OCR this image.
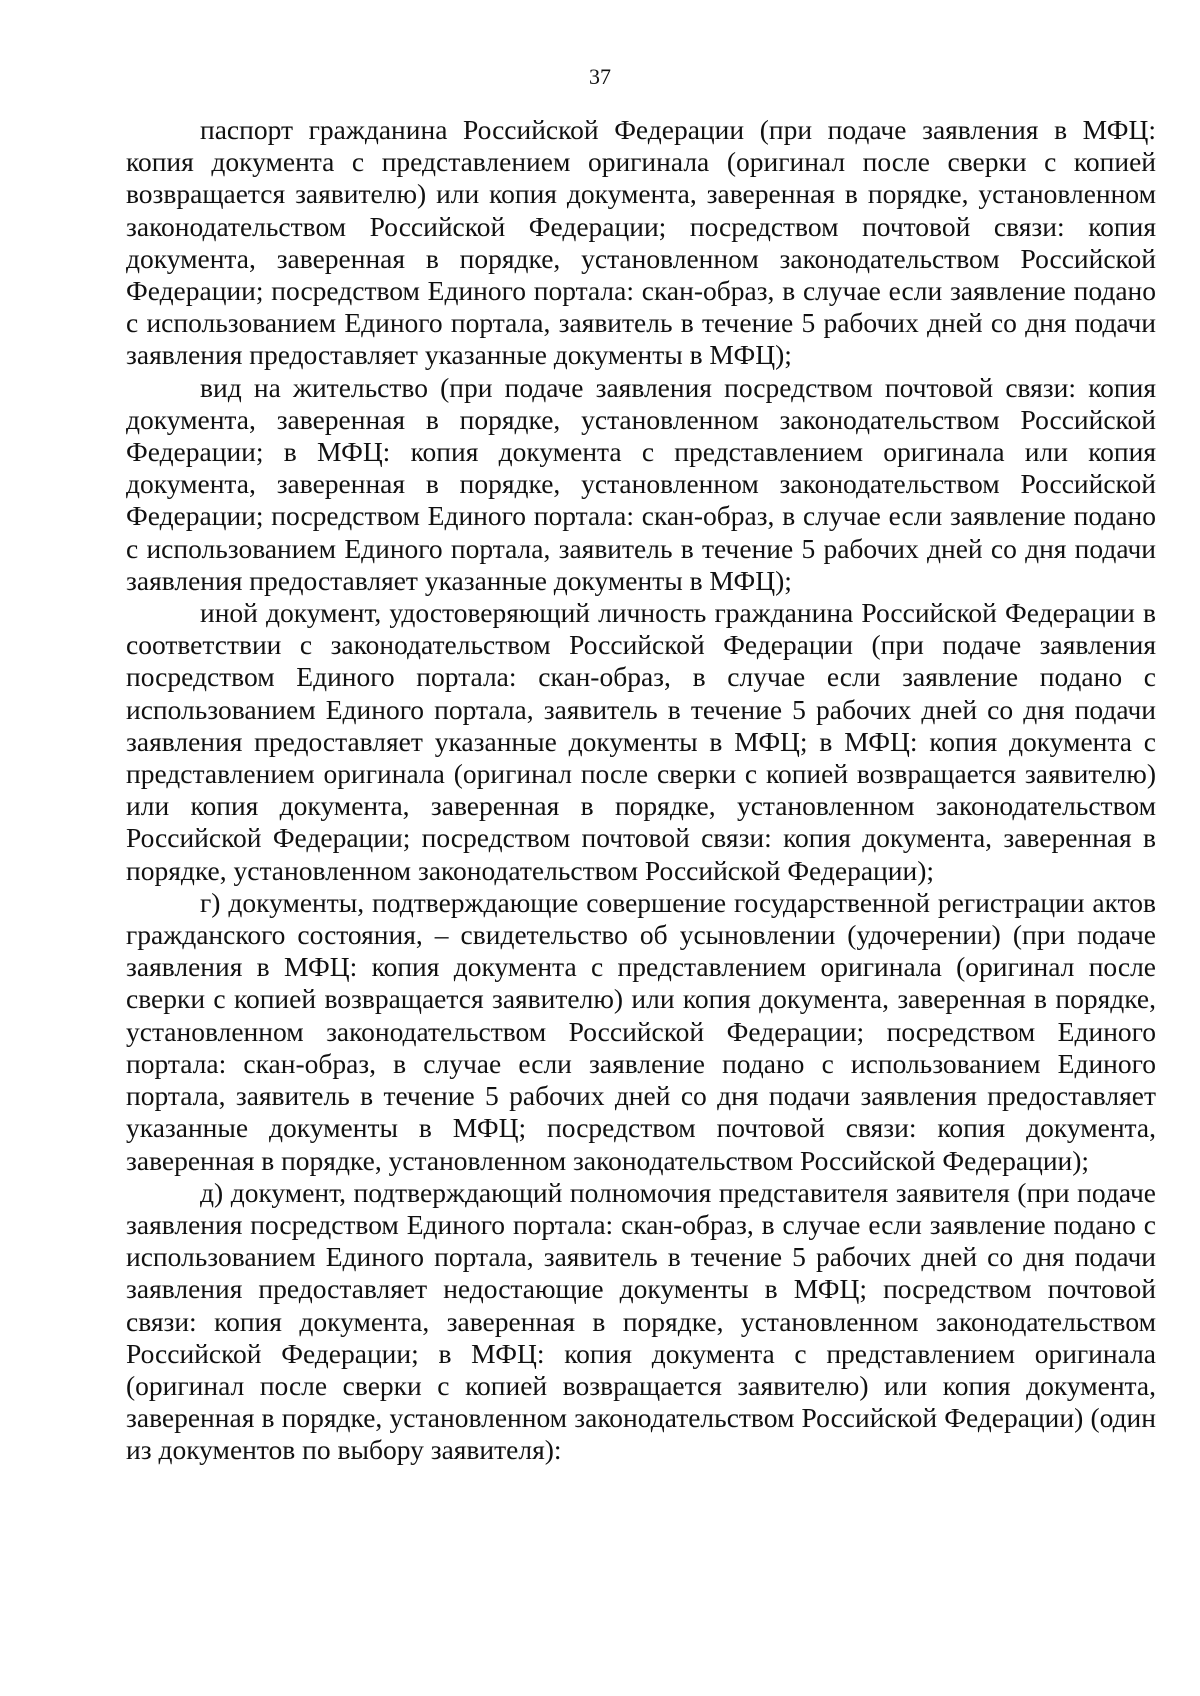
37

паспорт гражданина Российской Федерации (при подаче заявления в МФЦ: копия документа с представлением оригинала (оригинал после сверки с копией возвращается заявителю) или копия документа, заверенная в порядке, установленном законодательством Российской Федерации; посредством почтовой связи: копия документа, заверенная в порядке, установленном законодательством Российской Федерации; посредством Единого портала: скан-образ, в случае если заявление подано с использованием Единого портала, заявитель в течение 5 рабочих дней со дня подачи заявления предоставляет указанные документы в МФЦ);

вид на жительство (при подаче заявления посредством почтовой связи: копия документа, заверенная в порядке, установленном законодательством Российской Федерации; в МФЦ: копия документа с представлением оригинала или копия документа, заверенная в порядке, установленном законодательством Российской Федерации; посредством Единого портала: скан-образ, в случае если заявление подано с использованием Единого портала, заявитель в течение 5 рабочих дней со дня подачи заявления предоставляет указанные документы в МФЦ);

иной документ, удостоверяющий личность гражданина Российской Федерации в соответствии с законодательством Российской Федерации (при подаче заявления посредством Единого портала: скан-образ, в случае если заявление подано с использованием Единого портала, заявитель в течение 5 рабочих дней со дня подачи заявления предоставляет указанные документы в МФЦ; в МФЦ: копия документа с представлением оригинала (оригинал после сверки с копией возвращается заявителю) или копия документа, заверенная в порядке, установленном законодательством Российской Федерации; посредством почтовой связи: копия документа, заверенная в порядке, установленном законодательством Российской Федерации);

г) документы, подтверждающие совершение государственной регистрации актов гражданского состояния, – свидетельство об усыновлении (удочерении) (при подаче заявления в МФЦ: копия документа с представлением оригинала (оригинал после сверки с копией возвращается заявителю) или копия документа, заверенная в порядке, установленном законодательством Российской Федерации; посредством Единого портала: скан-образ, в случае если заявление подано с использованием Единого портала, заявитель в течение 5 рабочих дней со дня подачи заявления предоставляет указанные документы в МФЦ; посредством почтовой связи: копия документа, заверенная в порядке, установленном законодательством Российской Федерации);

д) документ, подтверждающий полномочия представителя заявителя (при подаче заявления посредством Единого портала: скан-образ, в случае если заявление подано с использованием Единого портала, заявитель в течение 5 рабочих дней со дня подачи заявления предоставляет недостающие документы в МФЦ; посредством почтовой связи: копия документа, заверенная в порядке, установленном законодательством Российской Федерации; в МФЦ: копия документа с представлением оригинала (оригинал после сверки с копией возвращается заявителю) или копия документа, заверенная в порядке, установленном законодательством Российской Федерации) (один из документов по выбору заявителя):
